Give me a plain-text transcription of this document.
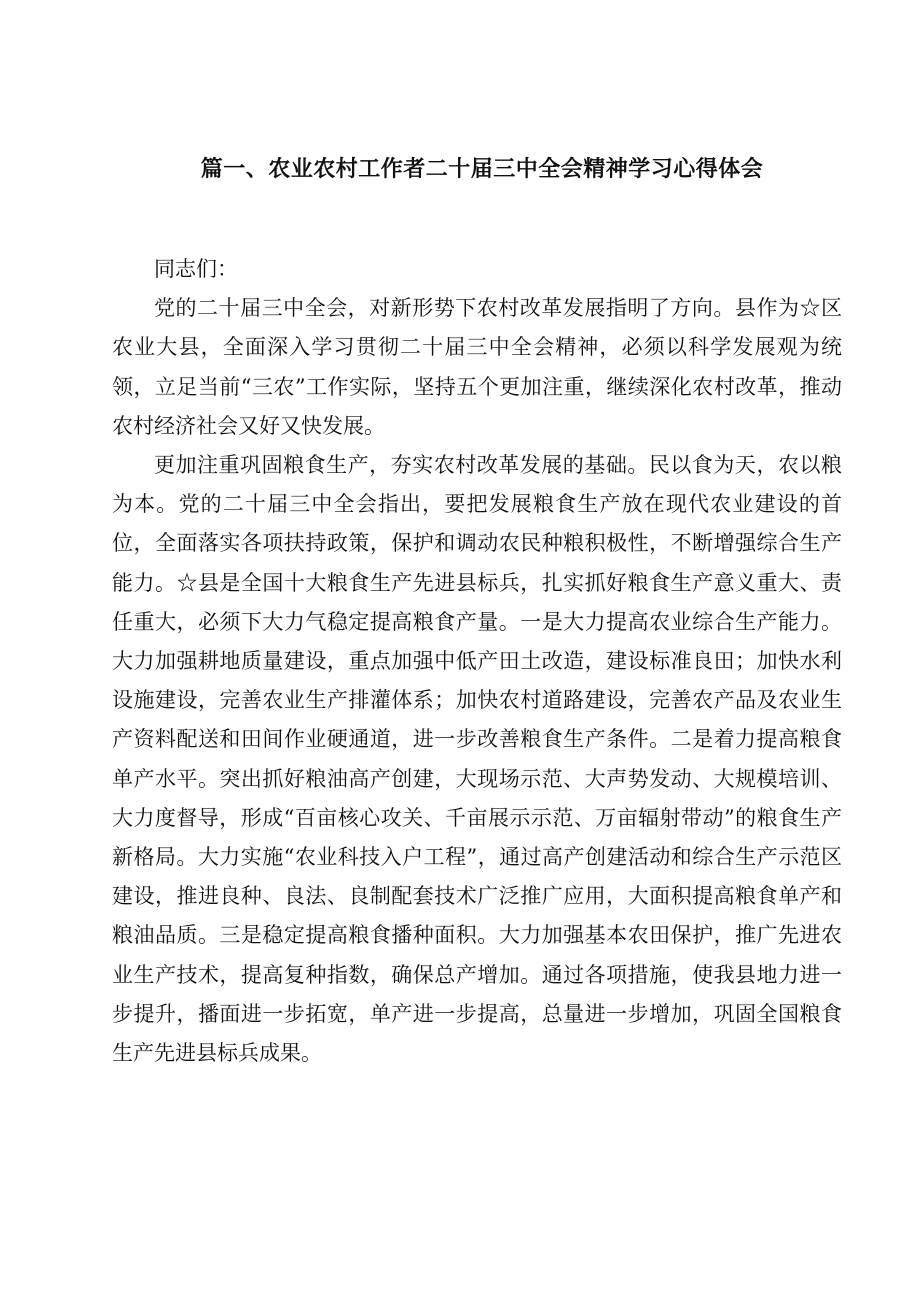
篇一、农业农村工作者二十届三中全会精神学习心得体会

同志们：

党的二十届三中全会，对新形势下农村改革发展指明了方向。县作为☆区农业大县，全面深入学习贯彻二十届三中全会精神，必须以科学发展观为统领，立足当前“三农”工作实际，坚持五个更加注重，继续深化农村改革，推动农村经济社会又好又快发展。

更加注重巩固粮食生产，夯实农村改革发展的基础。民以食为天，农以粮为本。党的二十届三中全会指出，要把发展粮食生产放在现代农业建设的首位，全面落实各项扶持政策，保护和调动农民种粮积极性，不断增强综合生产能力。☆县是全国十大粮食生产先进县标兵，扎实抓好粮食生产意义重大、责任重大，必须下大力气稳定提高粮食产量。一是大力提高农业综合生产能力。大力加强耕地质量建设，重点加强中低产田土改造，建设标准良田；加快水利设施建设，完善农业生产排灌体系；加快农村道路建设，完善农产品及农业生产资料配送和田间作业硬通道，进一步改善粮食生产条件。二是着力提高粮食单产水平。突出抓好粮油高产创建，大现场示范、大声势发动、大规模培训、大力度督导，形成“百亩核心攻关、千亩展示示范、万亩辐射带动”的粮食生产新格局。大力实施“农业科技入户工程”，通过高产创建活动和综合生产示范区建设，推进良种、良法、良制配套技术广泛推广应用，大面积提高粮食单产和粮油品质。三是稳定提高粮食播种面积。大力加强基本农田保护，推广先进农业生产技术，提高复种指数，确保总产增加。通过各项措施，使我县地力进一步提升，播面进一步拓宽，单产进一步提高，总量进一步增加，巩固全国粮食生产先进县标兵成果。
